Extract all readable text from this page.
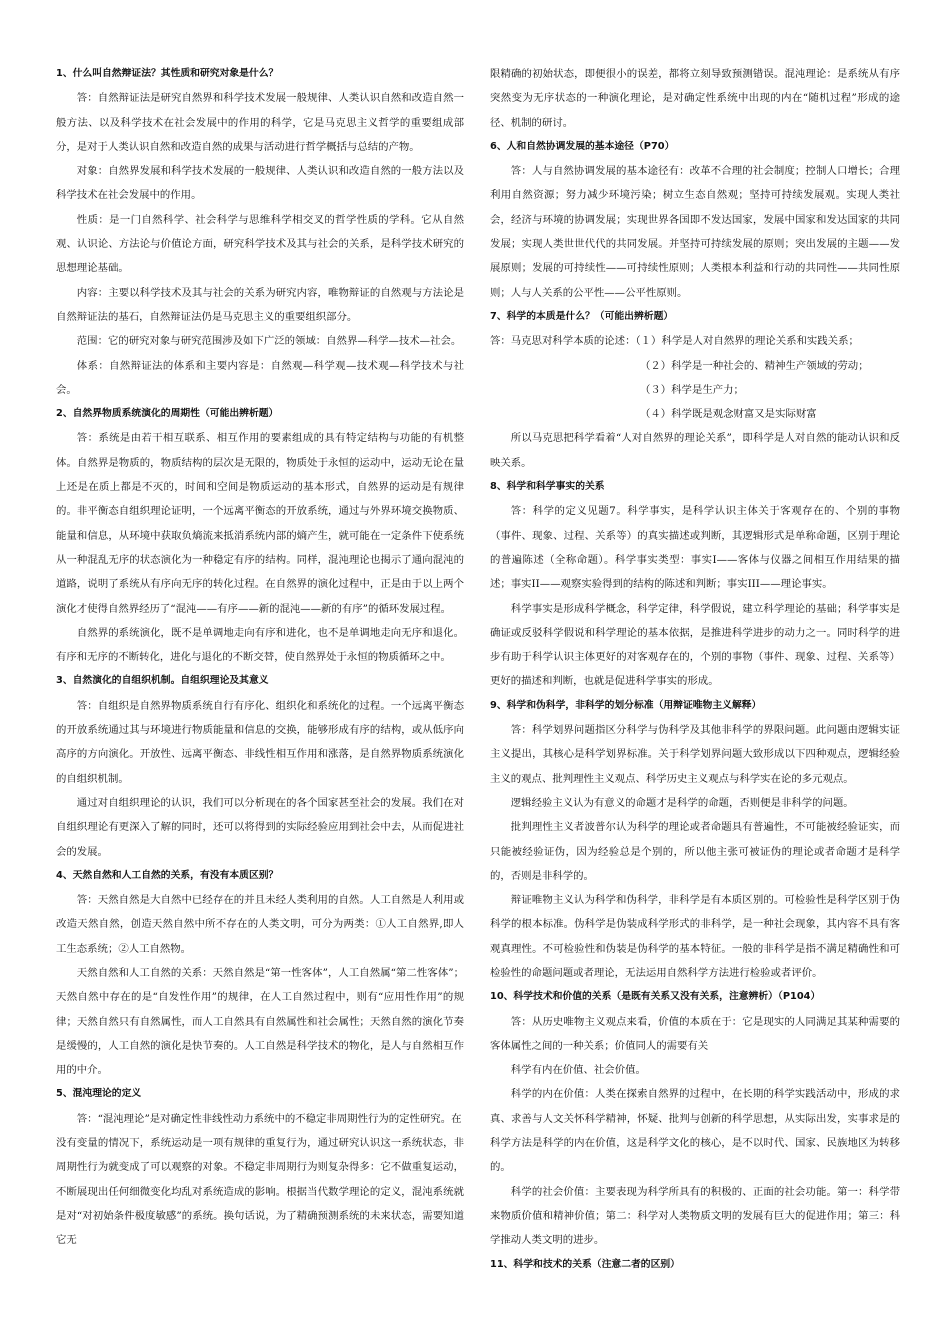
1、什么叫自然辩证法？其性质和研究对象是什么？

答：自然辩证法是研究自然界和科学技术发展一般规律、人类认识自然和改造自然一般方法、以及科学技术在社会发展中的作用的科学，它是马克思主义哲学的重要组成部分，是对于人类认识自然和改造自然的成果与活动进行哲学概括与总结的产物。

对象：自然界发展和科学技术发展的一般规律、人类认识和改造自然的一般方法以及科学技术在社会发展中的作用。

性质：是一门自然科学、社会科学与思维科学相交叉的哲学性质的学科。它从自然观、认识论、方法论与价值论方面，研究科学技术及其与社会的关系，是科学技术研究的思想理论基础。

内容：主要以科学技术及其与社会的关系为研究内容，唯物辩证的自然观与方法论是自然辩证法的基石，自然辩证法仍是马克思主义的重要组织部分。

范围：它的研究对象与研究范围涉及如下广泛的领域：自然界—科学—技术—社会。

体系：自然辩证法的体系和主要内容是：自然观—科学观—技术观—科学技术与社会。

2、自然界物质系统演化的周期性（可能出辨析题）

答：系统是由若干相互联系、相互作用的要素组成的具有特定结构与功能的有机整体。自然界是物质的，物质结构的层次是无限的，物质处于永恒的运动中，运动无论在量上还是在质上都是不灭的，时间和空间是物质运动的基本形式，自然界的运动是有规律的。非平衡态自组织理论证明，一个远离平衡态的开放系统，通过与外界环境交换物质、能量和信息，从环境中获取负熵流来抵消系统内部的熵产生，就可能在一定条件下使系统从一种混乱无序的状态演化为一种稳定有序的结构。同样，混沌理论也揭示了通向混沌的道路，说明了系统从有序向无序的转化过程。在自然界的演化过程中，正是由于以上两个演化才使得自然界经历了“混沌——有序——新的混沌——新的有序”的循环发展过程。

自然界的系统演化，既不是单调地走向有序和进化，也不是单调地走向无序和退化。有序和无序的不断转化，进化与退化的不断交替，使自然界处于永恒的物质循环之中。

3、自然演化的自组织机制。自组织理论及其意义

答：自组织是自然界物质系统自行有序化、组织化和系统化的过程。一个远离平衡态的开放系统通过其与环境进行物质能量和信息的交换，能够形成有序的结构，或从低序向高序的方向演化。开放性、远离平衡态、非线性相互作用和涨落，是自然界物质系统演化的自组织机制。

通过对自组织理论的认识，我们可以分析现在的各个国家甚至社会的发展。我们在对自组织理论有更深入了解的同时，还可以将得到的实际经验应用到社会中去，从而促进社会的发展。

4、天然自然和人工自然的关系，有没有本质区别？

答：天然自然是大自然中已经存在的并且未经人类利用的自然。人工自然是人利用或改造天然自然，创造天然自然中所不存在的人类文明，可分为两类：①人工自然界,即人工生态系统；②人工自然物。

天然自然和人工自然的关系：天然自然是“第一性客体”，人工自然属“第二性客体”；天然自然中存在的是“自发性作用”的规律，在人工自然过程中，则有“应用性作用”的规律；天然自然只有自然属性，而人工自然具有自然属性和社会属性；天然自然的演化节奏是缓慢的，人工自然的演化是快节奏的。人工自然是科学技术的物化，是人与自然相互作用的中介。

5、混沌理论的定义

答：“混沌理论”是对确定性非线性动力系统中的不稳定非周期性行为的定性研究。在

没有变量的情况下，系统运动是一项有规律的重复行为，通过研究认识这一系统状态，非周期性行为就变成了可以观察的对象。不稳定非周期行为则复杂得多：它不做重复运动，不断展现出任何细微变化均乱对系统造成的影响。根据当代数学理论的定义，混沌系统就是对“对初始条件极度敏感”的系统。换句话说，为了精确预测系统的未来状态，需要知道它无

限精确的初始状态，即便很小的误差，都将立刻导致预测错误。混沌理论：是系统从有序突然变为无序状态的一种演化理论，是对确定性系统中出现的内在“随机过程”形成的途径、机制的研讨。

6、人和自然协调发展的基本途径（P70）

答：人与自然协调发展的基本途径有：改革不合理的社会制度；控制人口增长；合理利用自然资源；努力减少环境污染；树立生态自然观；坚持可持续发展观。实现人类社会，经济与环境的协调发展；实现世界各国即不发达国家，发展中国家和发达国家的共同发展；实现人类世世代代的共同发展。并坚持可持续发展的原则；突出发展的主题——发展原则；发展的可持续性——可持续性原则；人类根本利益和行动的共同性——共同性原则；人与人关系的公平性——公平性原则。

7、科学的本质是什么？（可能出辨析题）

答：马克思对科学本质的论述：（１）科学是人对自然界的理论关系和实践关系；

（２）科学是一种社会的、精神生产领域的劳动；

（３）科学是生产力；

（４）科学既是观念财富又是实际财富

所以马克思把科学看着“人对自然界的理论关系”，即科学是人对自然的能动认识和反映关系。

8、科学和科学事实的关系

答：科学的定义见题7。科学事实，是科学认识主体关于客观存在的、个别的事物（事件、现象、过程、关系等）的真实描述或判断，其逻辑形式是单称命题，区别于理论的普遍陈述（全称命题）。科学事实类型：事实I——客体与仪器之间相互作用结果的描述；事实II——观察实验得到的结构的陈述和判断；事实III——理论事实。

科学事实是形成科学概念，科学定律，科学假说，建立科学理论的基础；科学事实是确证或反驳科学假说和科学理论的基本依据，是推进科学进步的动力之一。同时科学的进步有助于科学认识主体更好的对客观存在的，个别的事物（事件、现象、过程、关系等）更好的描述和判断，也就是促进科学事实的形成。

9、科学和伪科学，非科学的划分标准（用辩证唯物主义解释）

答：科学划界问题指区分科学与伪科学及其他非科学的界限问题。此问题由逻辑实证主义提出，其核心是科学划界标准。关于科学划界问题大致形成以下四种观点，逻辑经验主义的观点、批判理性主义观点、科学历史主义观点与科学实在论的多元观点。

逻辑经验主义认为有意义的命题才是科学的命题，否则便是非科学的问题。

批判理性主义者波普尔认为科学的理论或者命题具有普遍性，不可能被经验证实，而只能被经验证伪，因为经验总是个别的，所以他主张可被证伪的理论或者命题才是科学的，否则是非科学的。

辩证唯物主义认为科学和伪科学，非科学是有本质区别的。可检验性是科学区别于伪科学的根本标准。伪科学是伪装成科学形式的非科学，是一种社会现象，其内容不具有客观真理性。不可检验性和伪装是伪科学的基本特征。一般的非科学是指不满足精确性和可检验性的命题问题或者理论，无法运用自然科学方法进行检验或者评价。

10、科学技术和价值的关系（是既有关系又没有关系，注意辨析）（P104）

答：从历史唯物主义观点来看，价值的本质在于：它是现实的人同满足其某种需要的客体属性之间的一种关系；价值同人的需要有关

科学有内在价值、社会价值。

科学的内在价值：人类在探索自然界的过程中，在长期的科学实践活动中，形成的求真、求善与人文关怀科学精神，怀疑、批判与创新的科学思想，从实际出发，实事求是的科学方法是科学的内在价值，这是科学文化的核心，是不以时代、国家、民族地区为转移的。

科学的社会价值：主要表现为科学所具有的积极的、正面的社会功能。第一：科学带来物质价值和精神价值；第二：科学对人类物质文明的发展有巨大的促进作用；第三：科学推动人类文明的进步。

11、科学和技术的关系（注意二者的区别）
